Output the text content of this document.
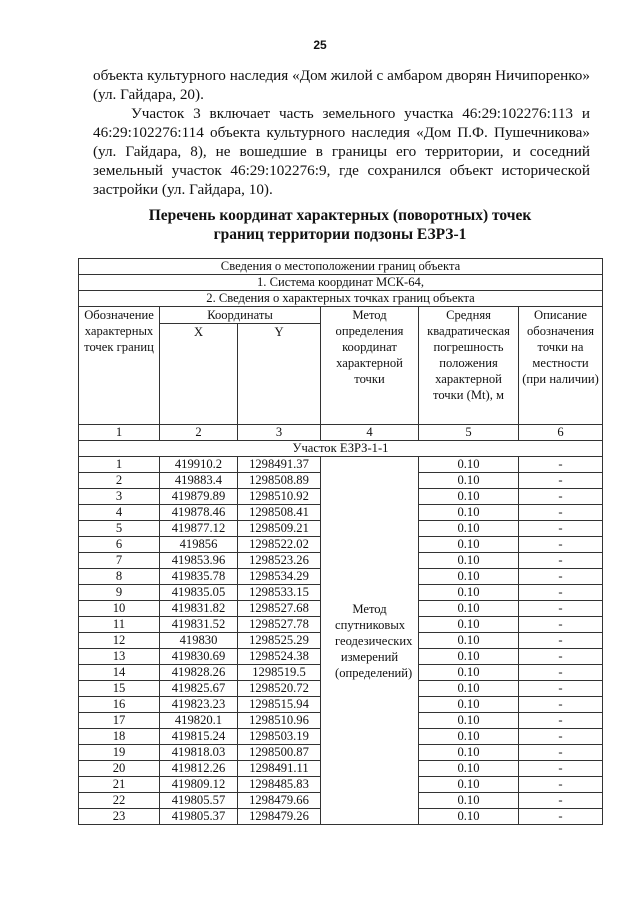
25

объекта культурного наследия «Дом жилой с амбаром дворян Ничипоренко» (ул. Гайдара, 20).

Участок 3 включает часть земельного участка 46:29:102276:113 и 46:29:102276:114 объекта культурного наследия «Дом П.Ф. Пушечникова» (ул. Гайдара, 8), не вошедшие в границы его территории, и соседний земельный участок 46:29:102276:9, где сохранился объект исторической застройки (ул. Гайдара, 10).

Перечень координат характерных (поворотных) точек
границ территории подзоны ЕЗРЗ-1
Сведения о местоположении границ объекта					
1. Система координат МСК-64,					
2. Сведения о характерных точках границ объекта					
Обозначение характерных точек границ	Координаты		Метод определения координат характерной точки	Средняя квадратическая погрешность положения характерной точки (Mt), м	Описание обозначения точки на местности (при наличии)
	X	Y			
1	2	3	4	5	6
Участок ЕЗРЗ-1-1					
1	419910.2	1298491.37	Метод спутниковых геодезических измерений (определений)	0.10	-
2	419883.4	1298508.89		0.10	-
3	419879.89	1298510.92		0.10	-
4	419878.46	1298508.41		0.10	-
5	419877.12	1298509.21		0.10	-
6	419856	1298522.02		0.10	-
7	419853.96	1298523.26		0.10	-
8	419835.78	1298534.29		0.10	-
9	419835.05	1298533.15		0.10	-
10	419831.82	1298527.68		0.10	-
11	419831.52	1298527.78		0.10	-
12	419830	1298525.29		0.10	-
13	419830.69	1298524.38		0.10	-
14	419828.26	1298519.5		0.10	-
15	419825.67	1298520.72		0.10	-
16	419823.23	1298515.94		0.10	-
17	419820.1	1298510.96		0.10	-
18	419815.24	1298503.19		0.10	-
19	419818.03	1298500.87		0.10	-
20	419812.26	1298491.11		0.10	-
21	419809.12	1298485.83		0.10	-
22	419805.57	1298479.66		0.10	-
23	419805.37	1298479.26		0.10	-
